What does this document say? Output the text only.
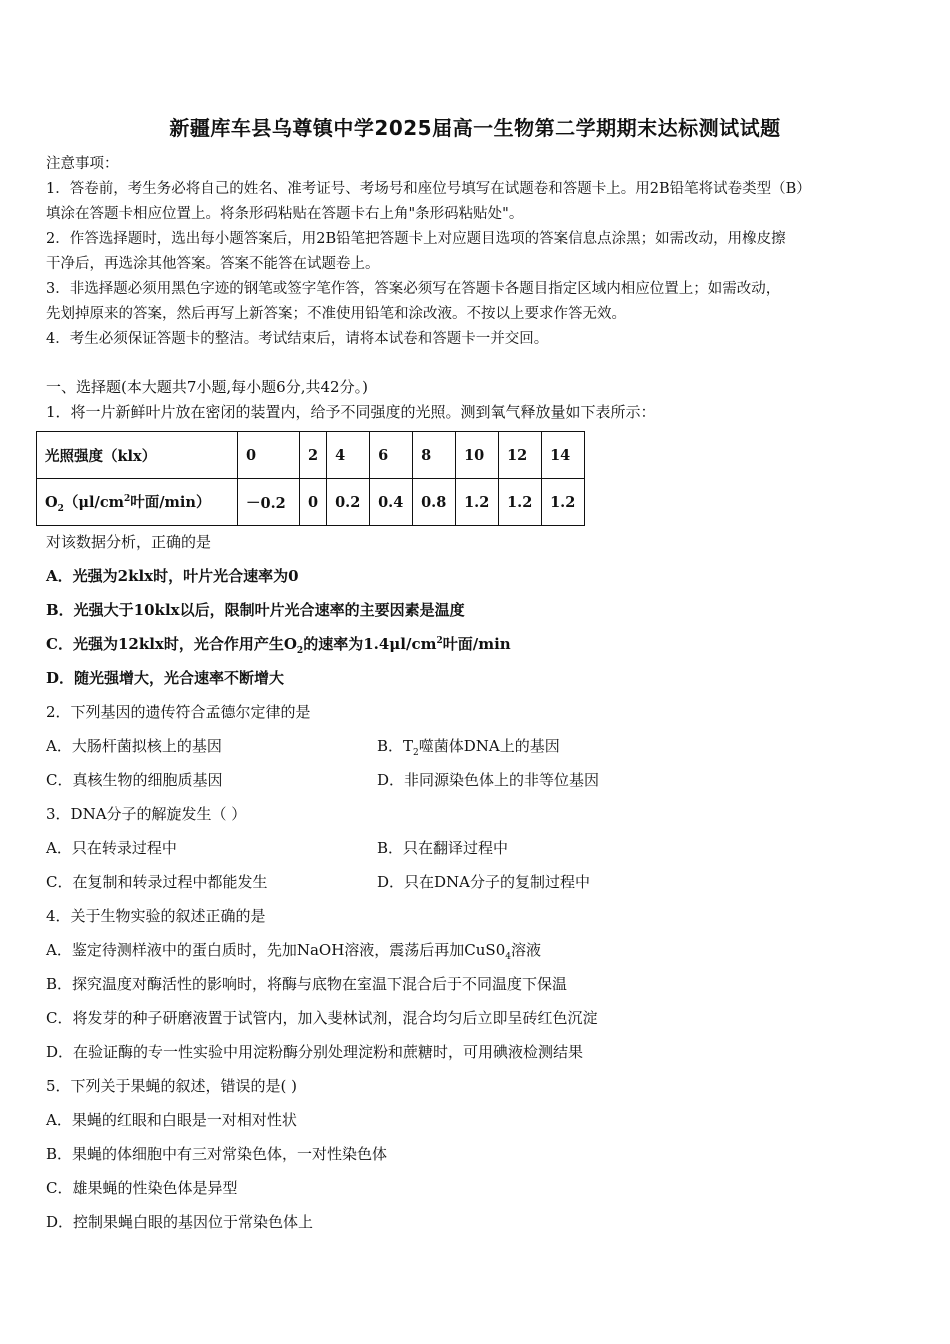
新疆库车县乌尊镇中学2025届高一生物第二学期期末达标测试试题
注意事项：
1．答卷前，考生务必将自己的姓名、准考证号、考场号和座位号填写在试题卷和答题卡上。用2B铅笔将试卷类型（B）
填涂在答题卡相应位置上。将条形码粘贴在答题卡右上角"条形码粘贴处"。
2．作答选择题时，选出每小题答案后，用2B铅笔把答题卡上对应题目选项的答案信息点涂黑；如需改动，用橡皮擦
干净后，再选涂其他答案。答案不能答在试题卷上。
3．非选择题必须用黑色字迹的钢笔或签字笔作答，答案必须写在答题卡各题目指定区域内相应位置上；如需改动，
先划掉原来的答案，然后再写上新答案；不准使用铅笔和涂改液。不按以上要求作答无效。
4．考生必须保证答题卡的整洁。考试结束后，请将本试卷和答题卡一并交回。
一、选择题(本大题共7小题,每小题6分,共42分。)
1．将一片新鲜叶片放在密闭的装置内，给予不同强度的光照。测到氧气释放量如下表所示：
光照强度（klx）	0	2	4	6	8	10	12	14
$O_2(\mu l/cm^2$叶面/min）	－0.2	0	0.2	0.4	0.8	1.2	1.2	1.2
对该数据分析，正确的是
A．光强为2klx时，叶片光合速率为0
B．光强大于10klx以后，限制叶片光合速率的主要因素是温度
C．光强为12klx时，光合作用产生$O_2$的速率为$1.4\mu l/cm^2$叶面/min
D．随光强增大，光合速率不断增大
2．下列基因的遗传符合孟德尔定律的是
A．大肠杆菌拟核上的基因	B．$T_2$噬菌体DNA上的基因
C．真核生物的细胞质基因	D．非同源染色体上的非等位基因
3．DNA分子的解旋发生（ ）
A．只在转录过程中	B．只在翻译过程中
C．在复制和转录过程中都能发生	D．只在DNA分子的复制过程中
4．关于生物实验的叙述正确的是
A．鉴定待测样液中的蛋白质时，先加NaOH溶液，震荡后再加$CuS0_4$溶液
B．探究温度对酶活性的影响时，将酶与底物在室温下混合后于不同温度下保温
C．将发芽的种子研磨液置于试管内，加入斐林试剂，混合均匀后立即呈砖红色沉淀
D．在验证酶的专一性实验中用淀粉酶分别处理淀粉和蔗糖时，可用碘液检测结果
5．下列关于果蝇的叙述，错误的是( )
A．果蝇的红眼和白眼是一对相对性状
B．果蝇的体细胞中有三对常染色体，一对性染色体
C．雄果蝇的性染色体是异型
D．控制果蝇白眼的基因位于常染色体上
